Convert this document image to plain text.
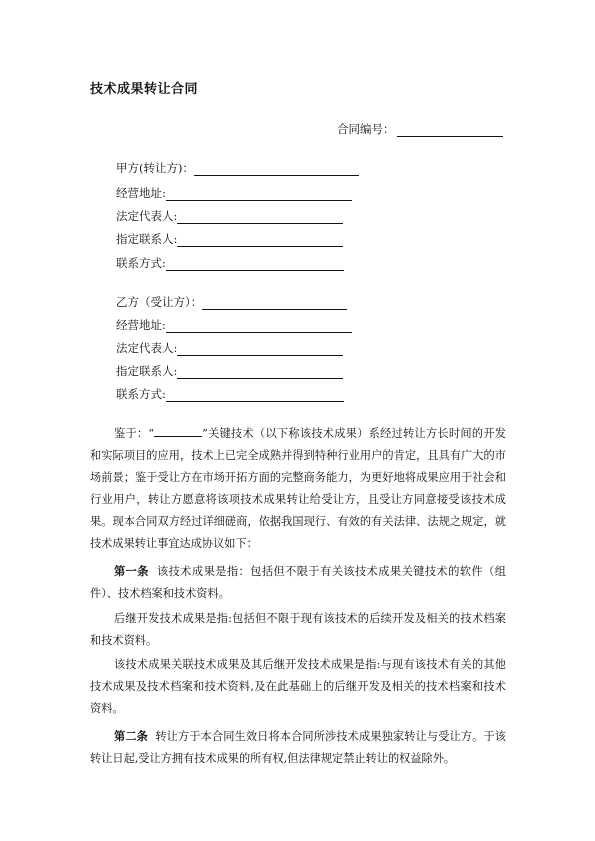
技术成果转让合同
合同编号：
甲方(转让方)：
经营地址:
法定代表人:
指定联系人:
联系方式:
乙方（受让方）：
经营地址:
法定代表人:
指定联系人:
联系方式:

鉴于：“	”关键技术（以下称该技术成果）系经过转让方长时间的开发和实际项目的应用，技术上已完全成熟并得到特种行业用户的肯定，且具有广大的市场前景；鉴于受让方在市场开拓方面的完整商务能力，为更好地将成果应用于社会和行业用户，转让方愿意将该项技术成果转让给受让方，且受让方同意接受该技术成果。现本合同双方经过详细磋商，依据我国现行、有效的有关法律、法规之规定，就技术成果转让事宜达成协议如下：

第一条 该技术成果是指：包括但不限于有关该技术成果关键技术的软件（组件）、技术档案和技术资料。

后继开发技术成果是指:包括但不限于现有该技术的后续开发及相关的技术档案和技术资料。

该技术成果关联技术成果及其后继开发技术成果是指:与现有该技术有关的其他技术成果及技术档案和技术资料,及在此基础上的后继开发及相关的技术档案和技术资料。

第二条 转让方于本合同生效日将本合同所涉技术成果独家转让与受让方。于该转让日起,受让方拥有技术成果的所有权,但法律规定禁止转让的权益除外。
